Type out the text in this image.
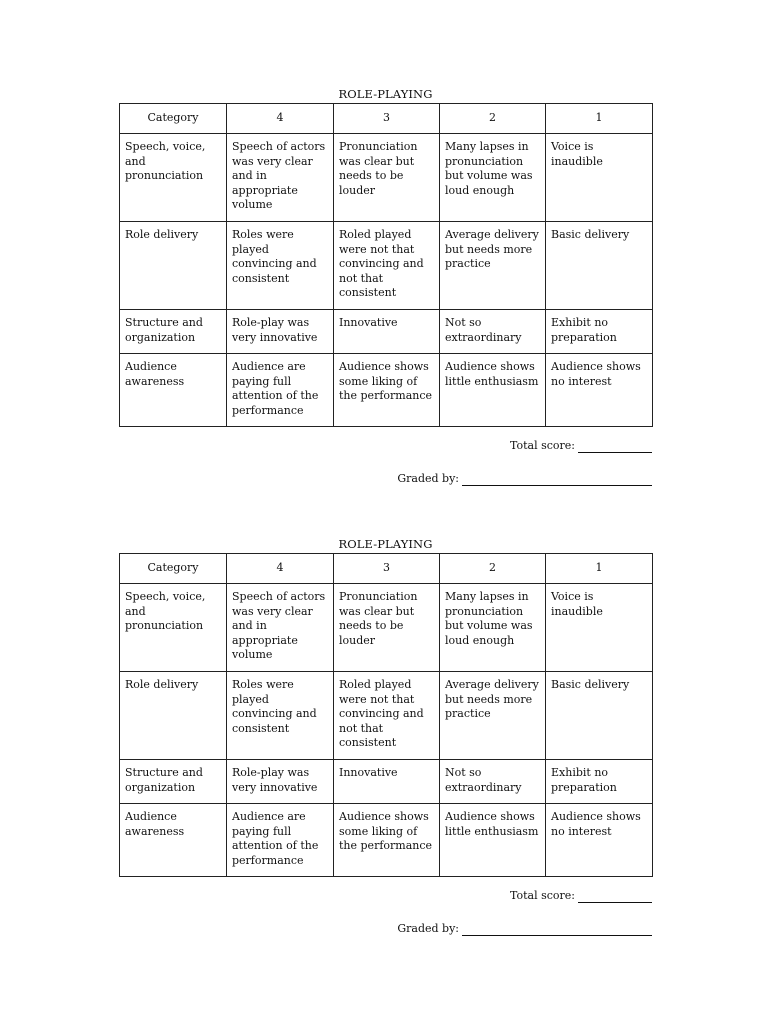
ROLE-PLAYING
Category	4	3	2	1
Speech, voice, and pronunciation	Speech of actors was very clear and in appropriate volume	Pronunciation was clear but needs to be louder	Many lapses in pronunciation but volume was loud enough	Voice is inaudible
Role delivery	Roles were played convincing and consistent	Roled played were not that convincing and not that consistent	Average delivery but needs more practice	Basic delivery
Structure and organization	Role-play was very innovative	Innovative	Not so extraordinary	Exhibit no preparation
Audience awareness	Audience are paying full attention of the performance	Audience shows some liking of the performance	Audience shows little enthusiasm	Audience shows no interest
Total score:
Graded by:
ROLE-PLAYING
Category	4	3	2	1
Speech, voice, and pronunciation	Speech of actors was very clear and in appropriate volume	Pronunciation was clear but needs to be louder	Many lapses in pronunciation but volume was loud enough	Voice is inaudible
Role delivery	Roles were played convincing and consistent	Roled played were not that convincing and not that consistent	Average delivery but needs more practice	Basic delivery
Structure and organization	Role-play was very innovative	Innovative	Not so extraordinary	Exhibit no preparation
Audience awareness	Audience are paying full attention of the performance	Audience shows some liking of the performance	Audience shows little enthusiasm	Audience shows no interest
Total score:
Graded by:
